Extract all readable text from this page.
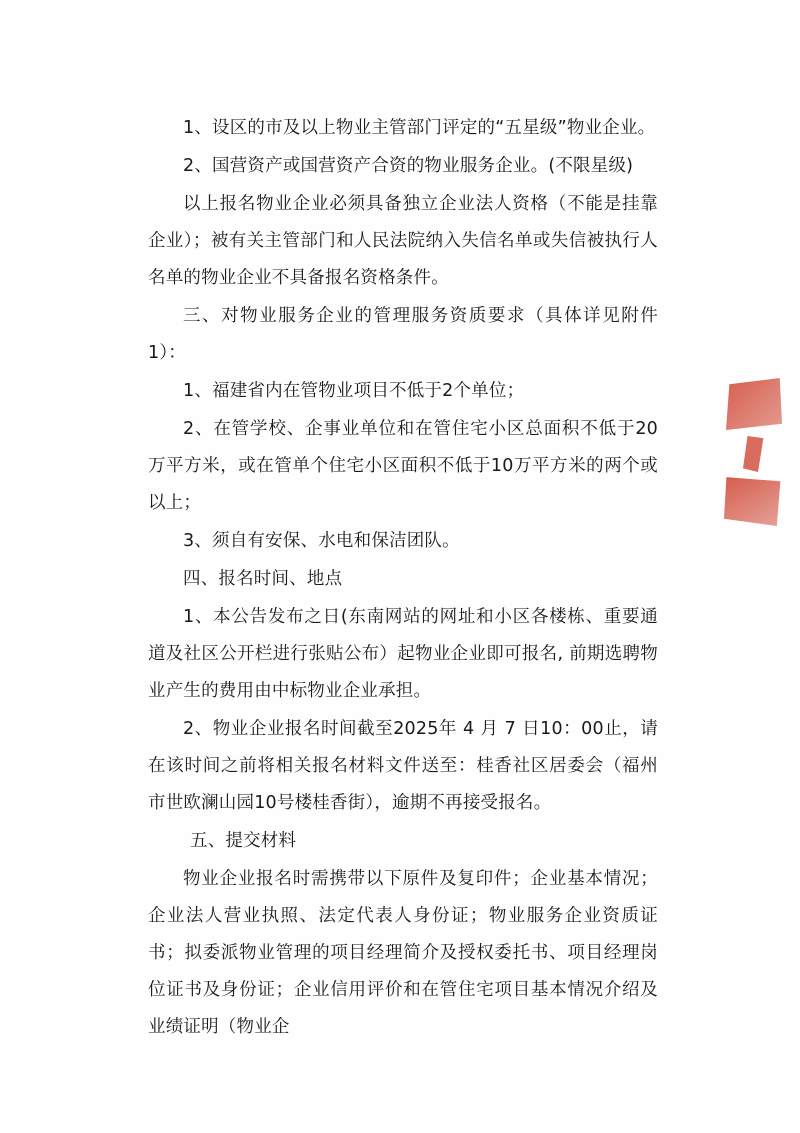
1、设区的市及以上物业主管部门评定的“五星级”物业企业。

2、国营资产或国营资产合资的物业服务企业。(不限星级)

以上报名物业企业必须具备独立企业法人资格（不能是挂靠企业）；被有关主管部门和人民法院纳入失信名单或失信被执行人名单的物业企业不具备报名资格条件。

三、对物业服务企业的管理服务资质要求（具体详见附件1）：

1、福建省内在管物业项目不低于2个单位；

2、在管学校、企事业单位和在管住宅小区总面积不低于20万平方米，或在管单个住宅小区面积不低于10万平方米的两个或以上；

3、须自有安保、水电和保洁团队。

四、报名时间、地点

1、本公告发布之日(东南网站的网址和小区各楼栋、重要通道及社区公开栏进行张贴公布）起物业企业即可报名, 前期选聘物业产生的费用由中标物业企业承担。

2、物业企业报名时间截至2025年 4 月 7 日10：00止，请在该时间之前将相关报名材料文件送至：桂香社区居委会（福州市世欧澜山园10号楼桂香街），逾期不再接受报名。

五、提交材料

物业企业报名时需携带以下原件及复印件；企业基本情况；企业法人营业执照、法定代表人身份证；物业服务企业资质证书；拟委派物业管理的项目经理简介及授权委托书、项目经理岗位证书及身份证；企业信用评价和在管住宅项目基本情况介绍及业绩证明（物业企
